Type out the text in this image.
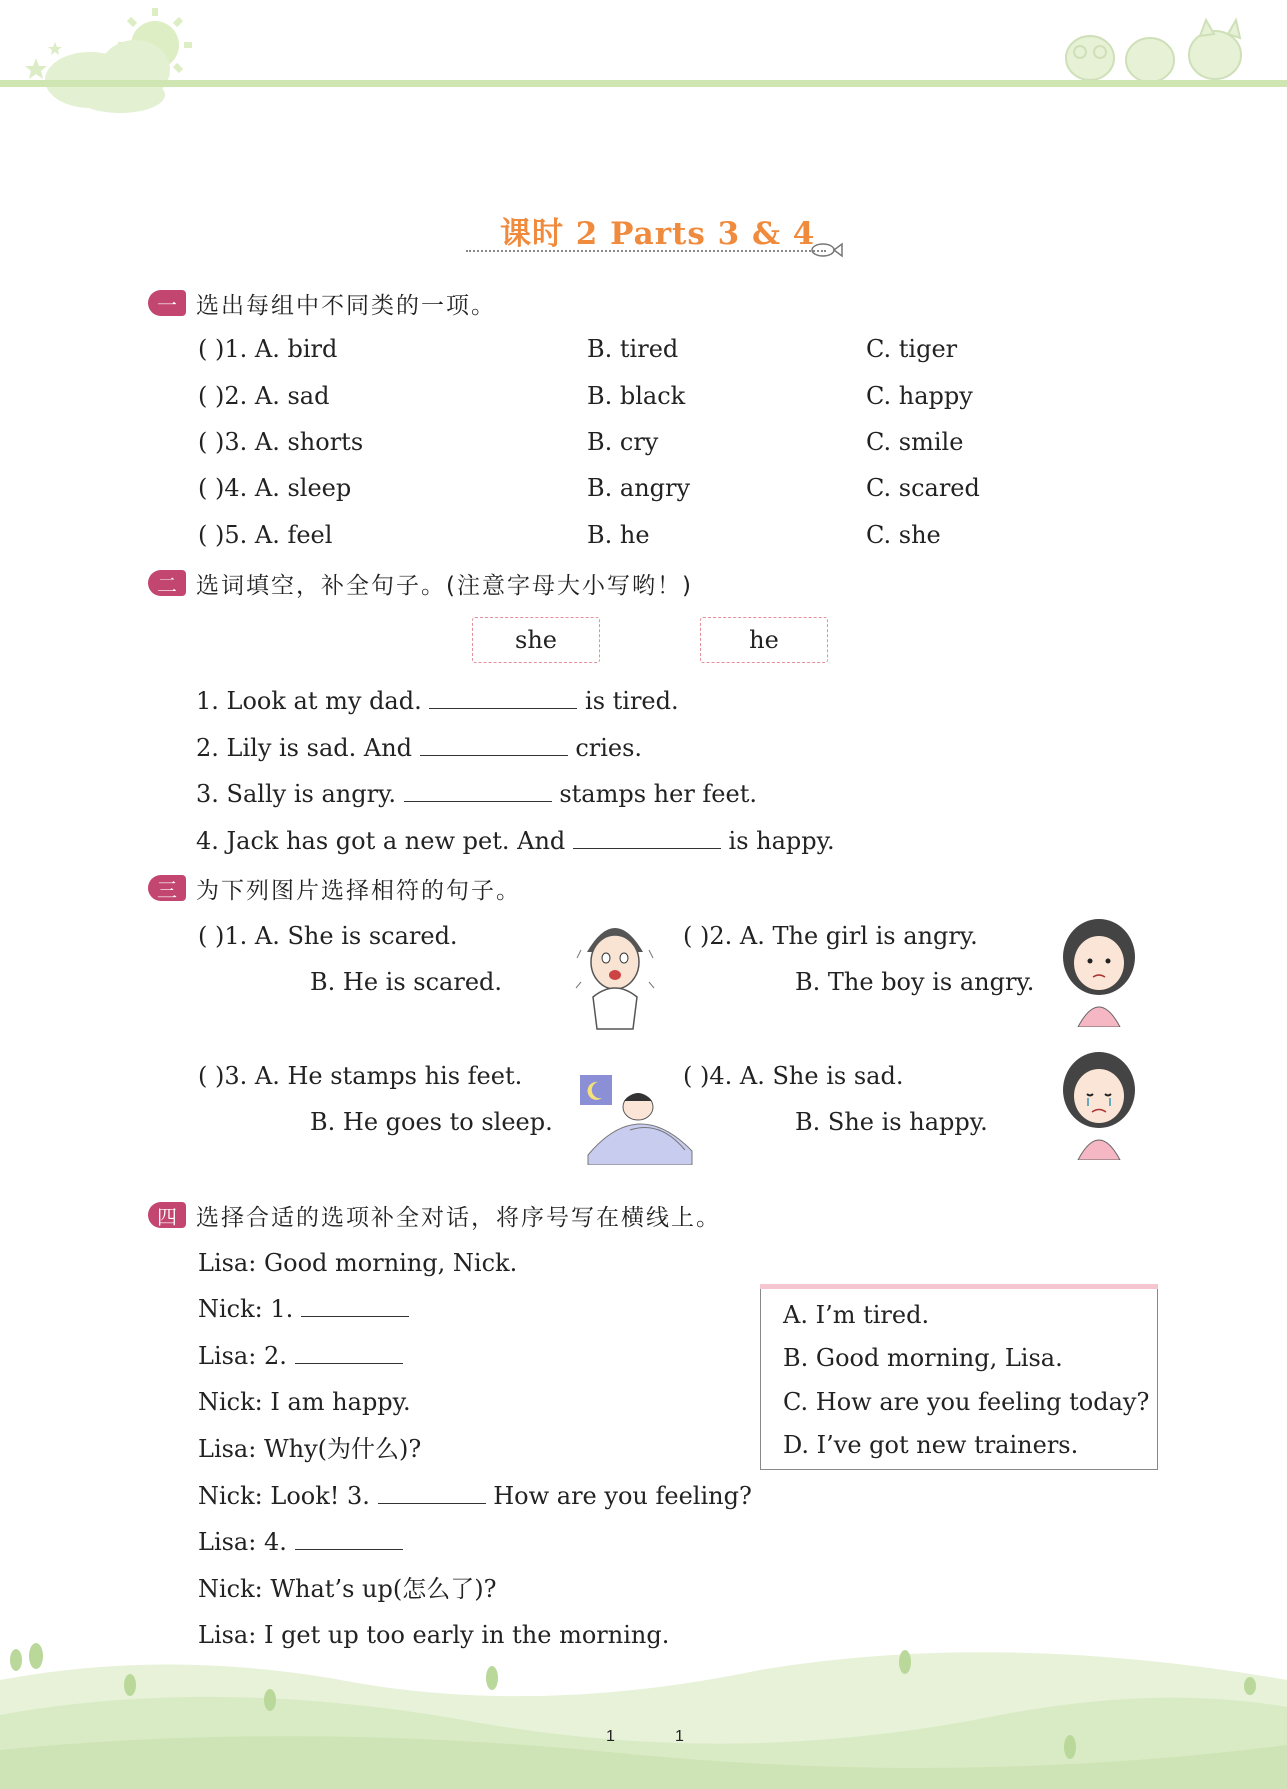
课时 2 Parts 3 & 4
一 选出每组中不同类的一项。
( )1. A. bird	B. tired	C. tiger
( )2. A. sad	B. black	C. happy
( )3. A. shorts	B. cry	C. smile
( )4. A. sleep	B. angry	C. scared
( )5. A. feel	B. he	C. she
二 选词填空，补全句子。(注意字母大小写哟！)
she	he
1. Look at my dad.	is tired.
2. Lily is sad. And	cries.
3. Sally is angry.	stamps her feet.
4. Jack has got a new pet. And	is happy.
三 为下列图片选择相符的句子。
( )1. A. She is scared.
B. He is scared.
( )2. A. The girl is angry.
B. The boy is angry.
( )3. A. He stamps his feet.
B. He goes to sleep.
( )4. A. She is sad.
B. She is happy.
四 选择合适的选项补全对话，将序号写在横线上。
Lisa: Good morning, Nick.
Nick: 1.
Lisa: 2.
Nick: I am happy.
Lisa: Why(为什么)?
Nick: Look! 3.	How are you feeling?
Lisa: 4.
Nick: What’s up(怎么了)?
Lisa: I get up too early in the morning.
A. I’m tired.
B. Good morning, Lisa.
C. How are you feeling today?
D. I’ve got new trainers.
1	1
